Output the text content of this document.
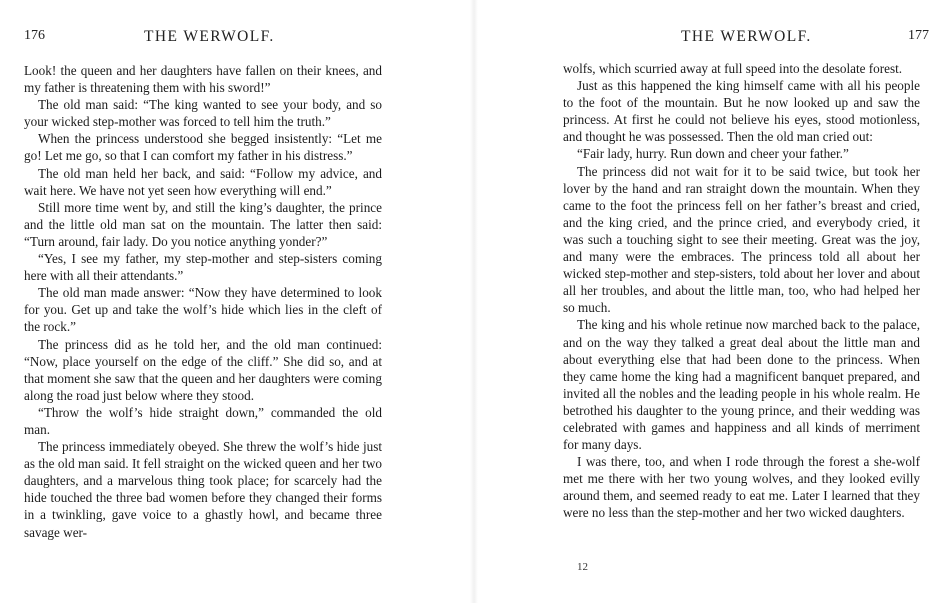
176	THE WERWOLF.

Look! the queen and her daughters have fallen on their knees, and my father is threatening them with his sword!”

The old man said: “The king wanted to see your body, and so your wicked step-mother was forced to tell him the truth.”

When the princess understood she begged insistently: “Let me go! Let me go, so that I can comfort my father in his distress.”

The old man held her back, and said: “Follow my advice, and wait here. We have not yet seen how everything will end.”

Still more time went by, and still the king’s daughter, the prince and the little old man sat on the mountain. The latter then said: “Turn around, fair lady. Do you notice anything yonder?”

“Yes, I see my father, my step-mother and step-sisters coming here with all their attendants.”

The old man made answer: “Now they have determined to look for you. Get up and take the wolf’s hide which lies in the cleft of the rock.”

The princess did as he told her, and the old man continued: “Now, place yourself on the edge of the cliff.” She did so, and at that moment she saw that the queen and her daughters were coming along the road just below where they stood.

“Throw the wolf’s hide straight down,” commanded the old man.

The princess immediately obeyed. She threw the wolf’s hide just as the old man said. It fell straight on the wicked queen and her two daughters, and a marvelous thing took place; for scarcely had the hide touched the three bad women before they changed their forms in a twinkling, gave voice to a ghastly howl, and became three savage wer-

THE WERWOLF.	177

wolfs, which scurried away at full speed into the desolate forest.

Just as this happened the king himself came with all his people to the foot of the mountain. But he now looked up and saw the princess. At first he could not believe his eyes, stood motionless, and thought he was possessed. Then the old man cried out:

“Fair lady, hurry. Run down and cheer your father.”

The princess did not wait for it to be said twice, but took her lover by the hand and ran straight down the mountain. When they came to the foot the princess fell on her father’s breast and cried, and the king cried, and the prince cried, and everybody cried, it was such a touching sight to see their meeting. Great was the joy, and many were the embraces. The princess told all about her wicked step-mother and step-sisters, told about her lover and about all her troubles, and about the little man, too, who had helped her so much.

The king and his whole retinue now marched back to the palace, and on the way they talked a great deal about the little man and about everything else that had been done to the princess. When they came home the king had a magnificent banquet prepared, and invited all the nobles and the leading people in his whole realm. He betrothed his daughter to the young prince, and their wedding was celebrated with games and happiness and all kinds of merriment for many days.

I was there, too, and when I rode through the forest a she-wolf met me there with her two young wolves, and they looked evilly around them, and seemed ready to eat me. Later I learned that they were no less than the step-mother and her two wicked daughters.

12
